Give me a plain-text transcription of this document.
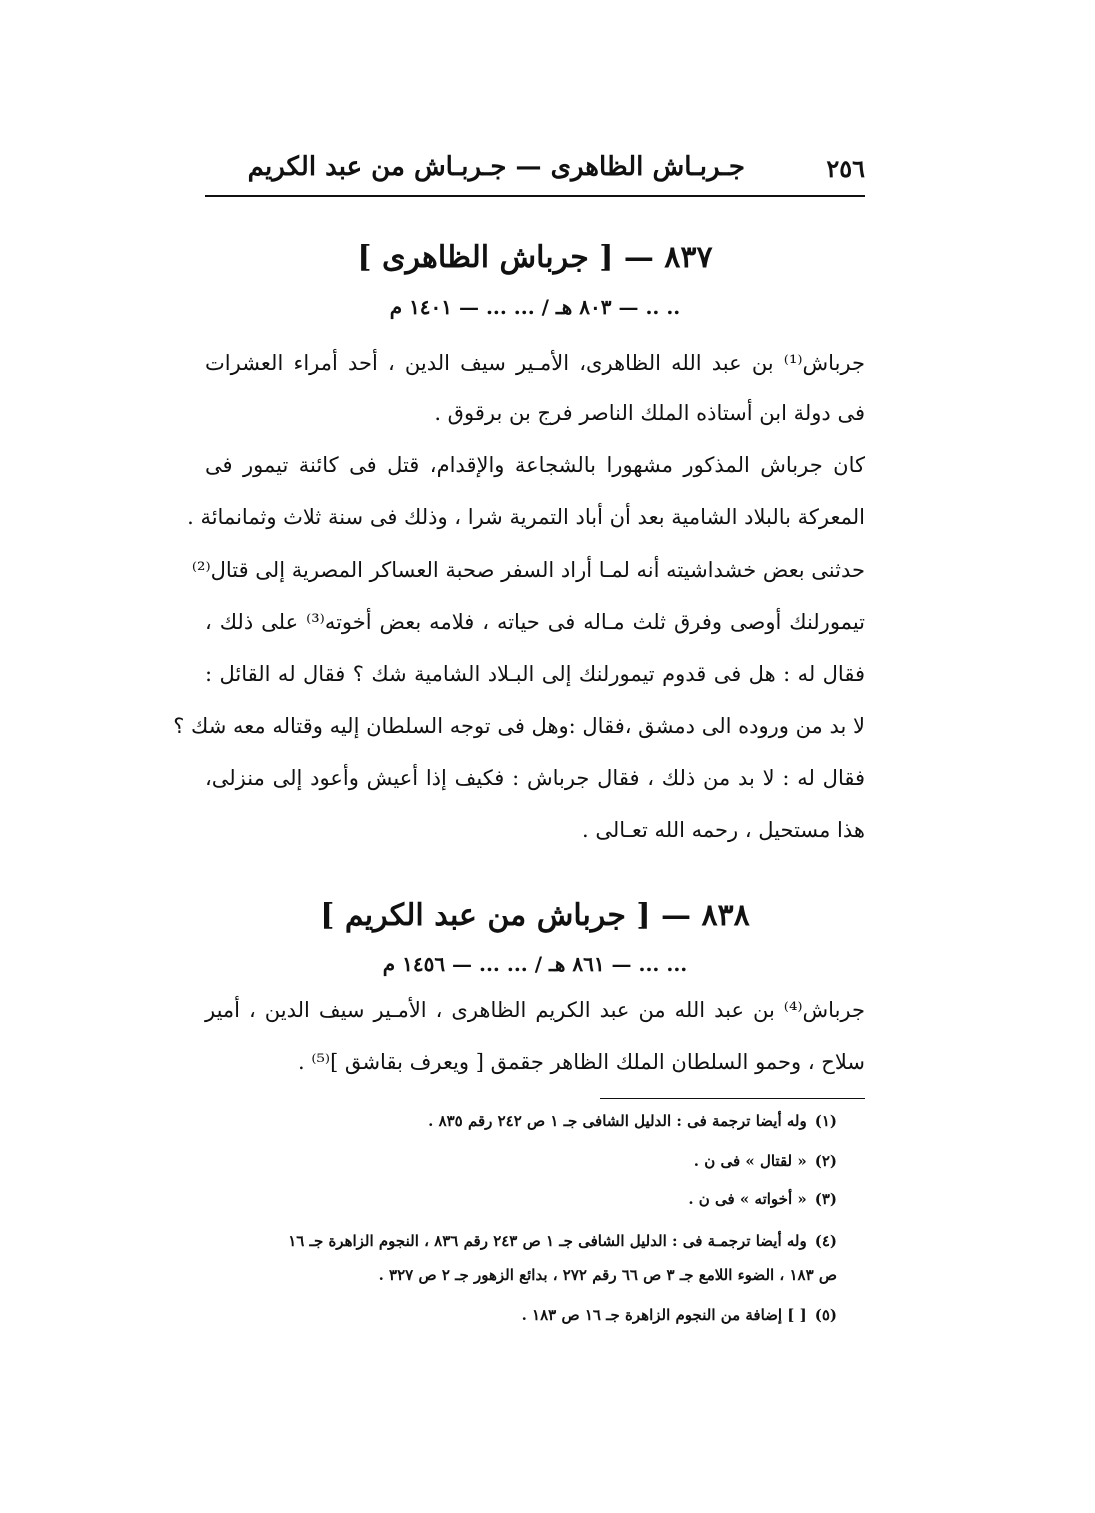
٢٥٦
جـربـاش الظاهرى — جـربـاش من عبد الكريم
٨٣٧ — [ جرباش الظاهرى ]
.. .. — ٨٠٣ هـ / ... ... — ١٤٠١ م
جرباش⁽¹⁾ بن عبد الله الظاهرى، الأمـير سيف الدين ، أحد أمراء العشرات
فى دولة ابن أستاذه الملك الناصر فرج بن برقوق .
كان جرباش المذكور مشهورا بالشجاعة والإقدام، قتل فى كائنة تيمور فى
المعركة بالبلاد الشامية بعد أن أباد التمرية شرا ، وذلك فى سنة ثلاث وثمانمائة .
حدثنى بعض خشداشيته أنه لمـا أراد السفر صحبة العساكر المصرية إلى قتال⁽²⁾
تيمورلنك أوصى وفرق ثلث مـاله فى حياته ، فلامه بعض أخوته⁽³⁾ على ذلك ،
فقال له : هل فى قدوم تيمورلنك إلى البـلاد الشامية شك ؟ فقال له القائل :
لا بد من وروده الى دمشق ،فقال :وهل فى توجه السلطان إليه وقتاله معه شك ؟
فقال له : لا بد من ذلك ، فقال جرباش : فكيف إذا أعيش وأعود إلى منزلى،
هذا مستحيل ، رحمه الله تعـالى .
٨٣٨ — [ جرباش من عبد الكريم ]
... ... — ٨٦١ هـ / ... ... — ١٤٥٦ م
جرباش⁽⁴⁾ بن عبد الله من عبد الكريم الظاهرى ، الأمـير سيف الدين ، أمير
سلاح ، وحمو السلطان الملك الظاهر جقمق [ ويعرف بقاشق ]⁽⁵⁾ .
(١)وله أيضا ترجمة فى : الدليل الشافى جـ ١ ص ٢٤٢ رقم ٨٣٥ .
(٢)« لقتال » فى ن .
(٣)« أخواته » فى ن .
(٤)وله أيضا ترجمـة فى : الدليل الشافى جـ ١ ص ٢٤٣ رقم ٨٣٦ ، النجوم الزاهرة جـ ١٦
ص ١٨٣ ، الضوء اللامع جـ ٣ ص ٦٦ رقم ٢٧٢ ، بدائع الزهور جـ ٢ ص ٣٢٧ .
(٥)[ ] إضافة من النجوم الزاهرة جـ ١٦ ص ١٨٣ .
